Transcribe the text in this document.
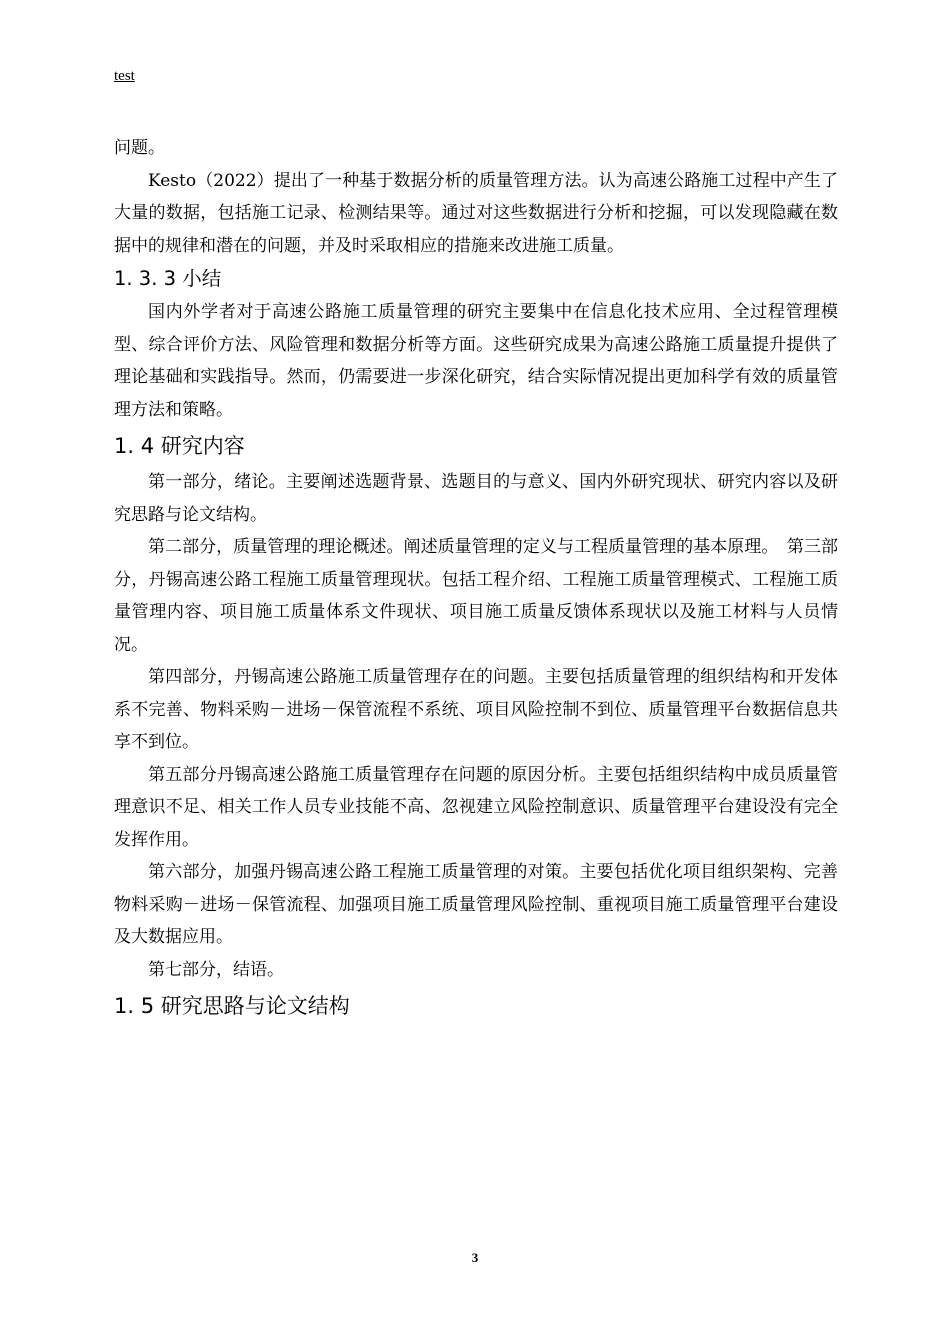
test

问题。

Kesto（2022）提出了一种基于数据分析的质量管理方法。认为高速公路施工过程中产生了大量的数据，包括施工记录、检测结果等。通过对这些数据进行分析和挖掘，可以发现隐藏在数据中的规律和潜在的问题，并及时采取相应的措施来改进施工质量。

1. 3. 3 小结

国内外学者对于高速公路施工质量管理的研究主要集中在信息化技术应用、全过程管理模型、综合评价方法、风险管理和数据分析等方面。这些研究成果为高速公路施工质量提升提供了理论基础和实践指导。然而，仍需要进一步深化研究，结合实际情况提出更加科学有效的质量管理方法和策略。

1. 4 研究内容

第一部分，绪论。主要阐述选题背景、选题目的与意义、国内外研究现状、研究内容以及研究思路与论文结构。

第二部分，质量管理的理论概述。阐述质量管理的定义与工程质量管理的基本原理。　第三部分，丹锡高速公路工程施工质量管理现状。包括工程介绍、工程施工质量管理模式、工程施工质量管理内容、项目施工质量体系文件现状、项目施工质量反馈体系现状以及施工材料与人员情况。

第四部分，丹锡高速公路施工质量管理存在的问题。主要包括质量管理的组织结构和开发体系不完善、物料采购－进场－保管流程不系统、项目风险控制不到位、质量管理平台数据信息共享不到位。

第五部分丹锡高速公路施工质量管理存在问题的原因分析。主要包括组织结构中成员质量管理意识不足、相关工作人员专业技能不高、忽视建立风险控制意识、质量管理平台建设没有完全发挥作用。

第六部分，加强丹锡高速公路工程施工质量管理的对策。主要包括优化项目组织架构、完善物料采购－进场－保管流程、加强项目施工质量管理风险控制、重视项目施工质量管理平台建设及大数据应用。

第七部分，结语。

1. 5 研究思路与论文结构
3
